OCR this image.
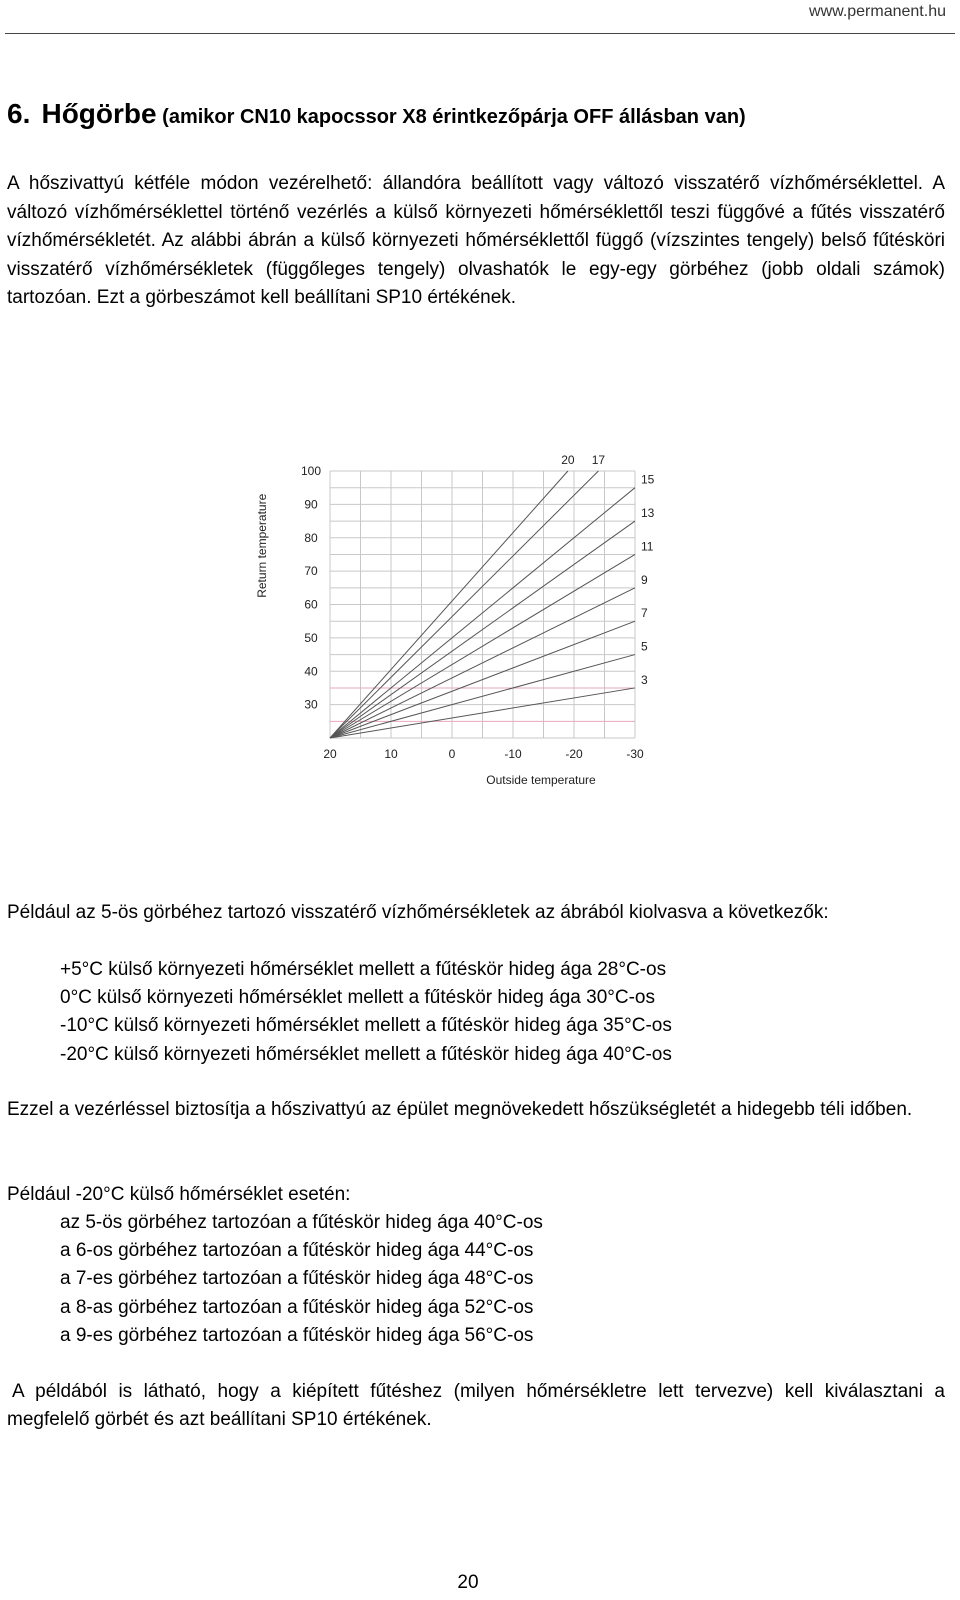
www.permanent.hu
6. Hőgörbe (amikor CN10 kapocssor X8 érintkezőpárja OFF állásban van)

A hőszivattyú kétféle módon vezérelhető: állandóra beállított vagy változó visszatérő vízhőmérséklettel. A változó vízhőmérséklettel történő vezérlés a külső környezeti hőmérséklettől teszi függővé a fűtés visszatérő vízhőmérsékletét. Az alábbi ábrán a külső környezeti hőmérséklettől függő (vízszintes tengely) belső fűtésköri visszatérő vízhőmérsékletek (függőleges tengely) olvashatók le egy-egy görbéhez (jobb oldali számok) tartozóan. Ezt a görbeszámot kell beállítani SP10 értékének.

100
90
80
70
60
50
40
30
20	10	0	-10	-20	-30
Outside temperature
Return temperature
3
5
7
9
11
13
15
17
20

Például az 5-ös görbéhez tartozó visszatérő vízhőmérsékletek az ábrából kiolvasva a következők:

+5°C külső környezeti hőmérséklet mellett a fűtéskör hideg ága 28°C-os
0°C külső környezeti hőmérséklet mellett a fűtéskör hideg ága 30°C-os
-10°C külső környezeti hőmérséklet mellett a fűtéskör hideg ága 35°C-os
-20°C külső környezeti hőmérséklet mellett a fűtéskör hideg ága 40°C-os

Ezzel a vezérléssel biztosítja a hőszivattyú az épület megnövekedett hőszükségletét a hidegebb téli időben.

Például -20°C külső hőmérséklet esetén:

az 5-ös görbéhez tartozóan a fűtéskör hideg ága 40°C-os
a 6-os görbéhez tartozóan a fűtéskör hideg ága 44°C-os
a 7-es görbéhez tartozóan a fűtéskör hideg ága 48°C-os
a 8-as görbéhez tartozóan a fűtéskör hideg ága 52°C-os
a 9-es görbéhez tartozóan a fűtéskör hideg ága 56°C-os

A példából is látható, hogy a kiépített fűtéshez (milyen hőmérsékletre lett tervezve) kell kiválasztani a megfelelő görbét és azt beállítani SP10 értékének.

20
